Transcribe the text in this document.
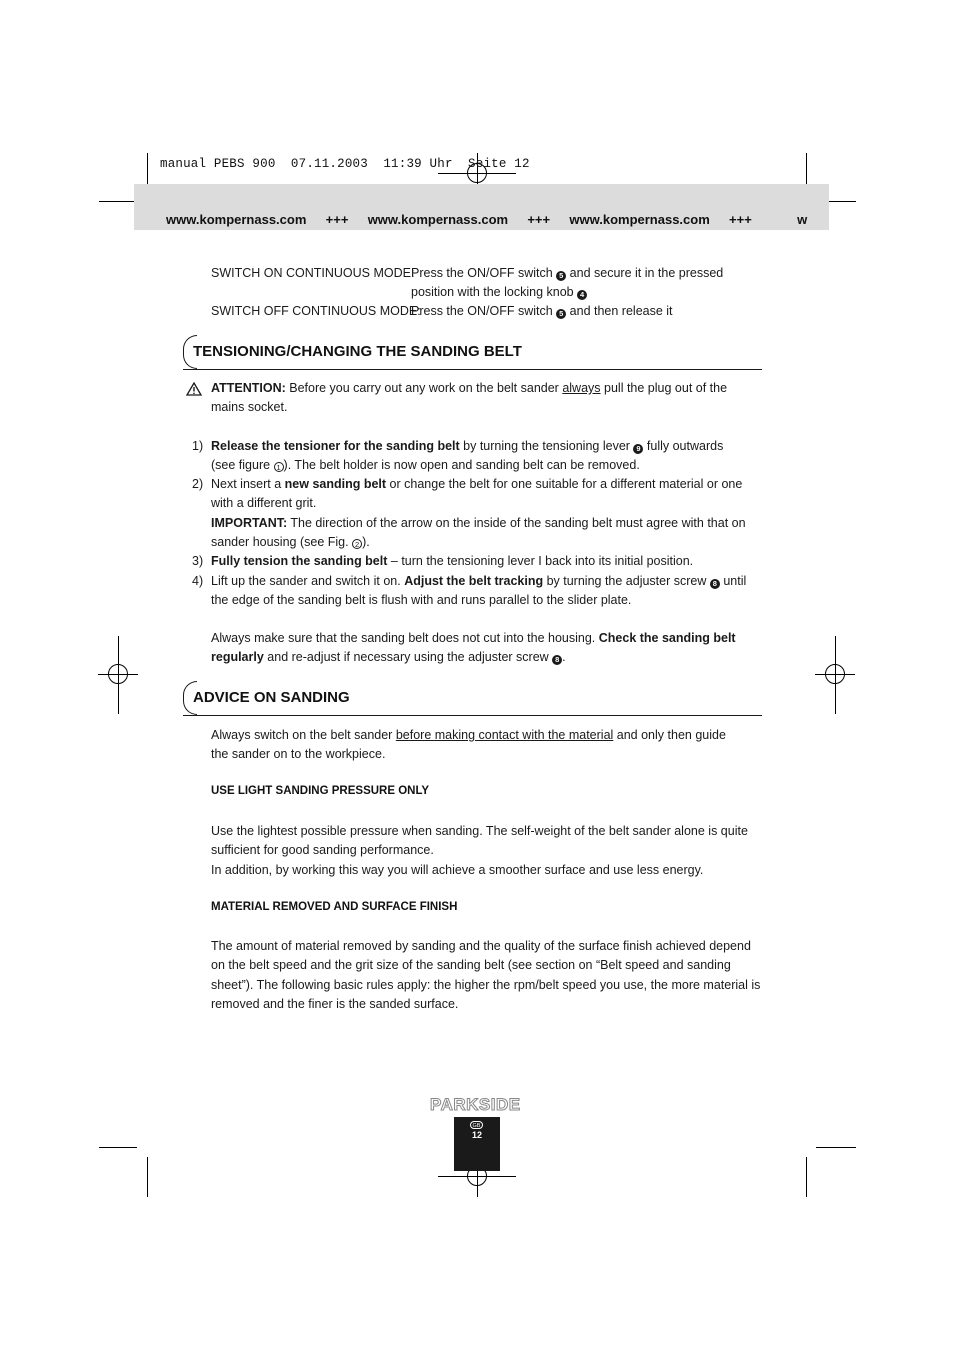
manual PEBS 900  07.11.2003  11:39 Uhr  Seite 12
www.kompernass.com +++ www.kompernass.com +++ www.kompernass.com +++	w
SWITCH ON CONTINUOUS MODE:
Press the ON/OFF switch 5 and secure it in the pressed
position with the locking knob 4
SWITCH OFF CONTINUOUS MODE:
Press the ON/OFF switch 5 and then release it
TENSIONING/CHANGING THE SANDING BELT
ATTENTION: Before you carry out any work on the belt sander always pull the plug out of the
mains socket.
1) Release the tensioner for the sanding belt by turning the tensioning lever 9 fully outwards
(see figure 1 ). The belt holder is now open and sanding belt can be removed.
2) Next insert a new sanding belt or change the belt for one suitable for a different material or one
with a different grit.
IMPORTANT: The direction of the arrow on the inside of the sanding belt must agree with that on
sander housing (see Fig. 2 ).
3) Fully tension the sanding belt – turn the tensioning lever I back into its initial position.
4) Lift up the sander and switch it on. Adjust the belt tracking by turning the adjuster screw 8 until
the edge of the sanding belt is flush with and runs parallel to the slider plate.
Always make sure that the sanding belt does not cut into the housing. Check the sanding belt
regularly and re-adjust if necessary using the adjuster screw 8 .
ADVICE ON SANDING
Always switch on the belt sander before making contact with the material and only then guide
the sander on to the workpiece.
USE LIGHT SANDING PRESSURE ONLY
Use the lightest possible pressure when sanding. The self-weight of the belt sander alone is quite
sufficient for good sanding performance.
In addition, by working this way you will achieve a smoother surface and use less energy.
MATERIAL REMOVED AND SURFACE FINISH
The amount of material removed by sanding and the quality of the surface finish achieved depend
on the belt speed and the grit size of the sanding belt (see section on “Belt speed and sanding
sheet”). The following basic rules apply: the higher the rpm/belt speed you use, the more material is
removed and the finer is the sanded surface.
PARKSIDE
GB
12
